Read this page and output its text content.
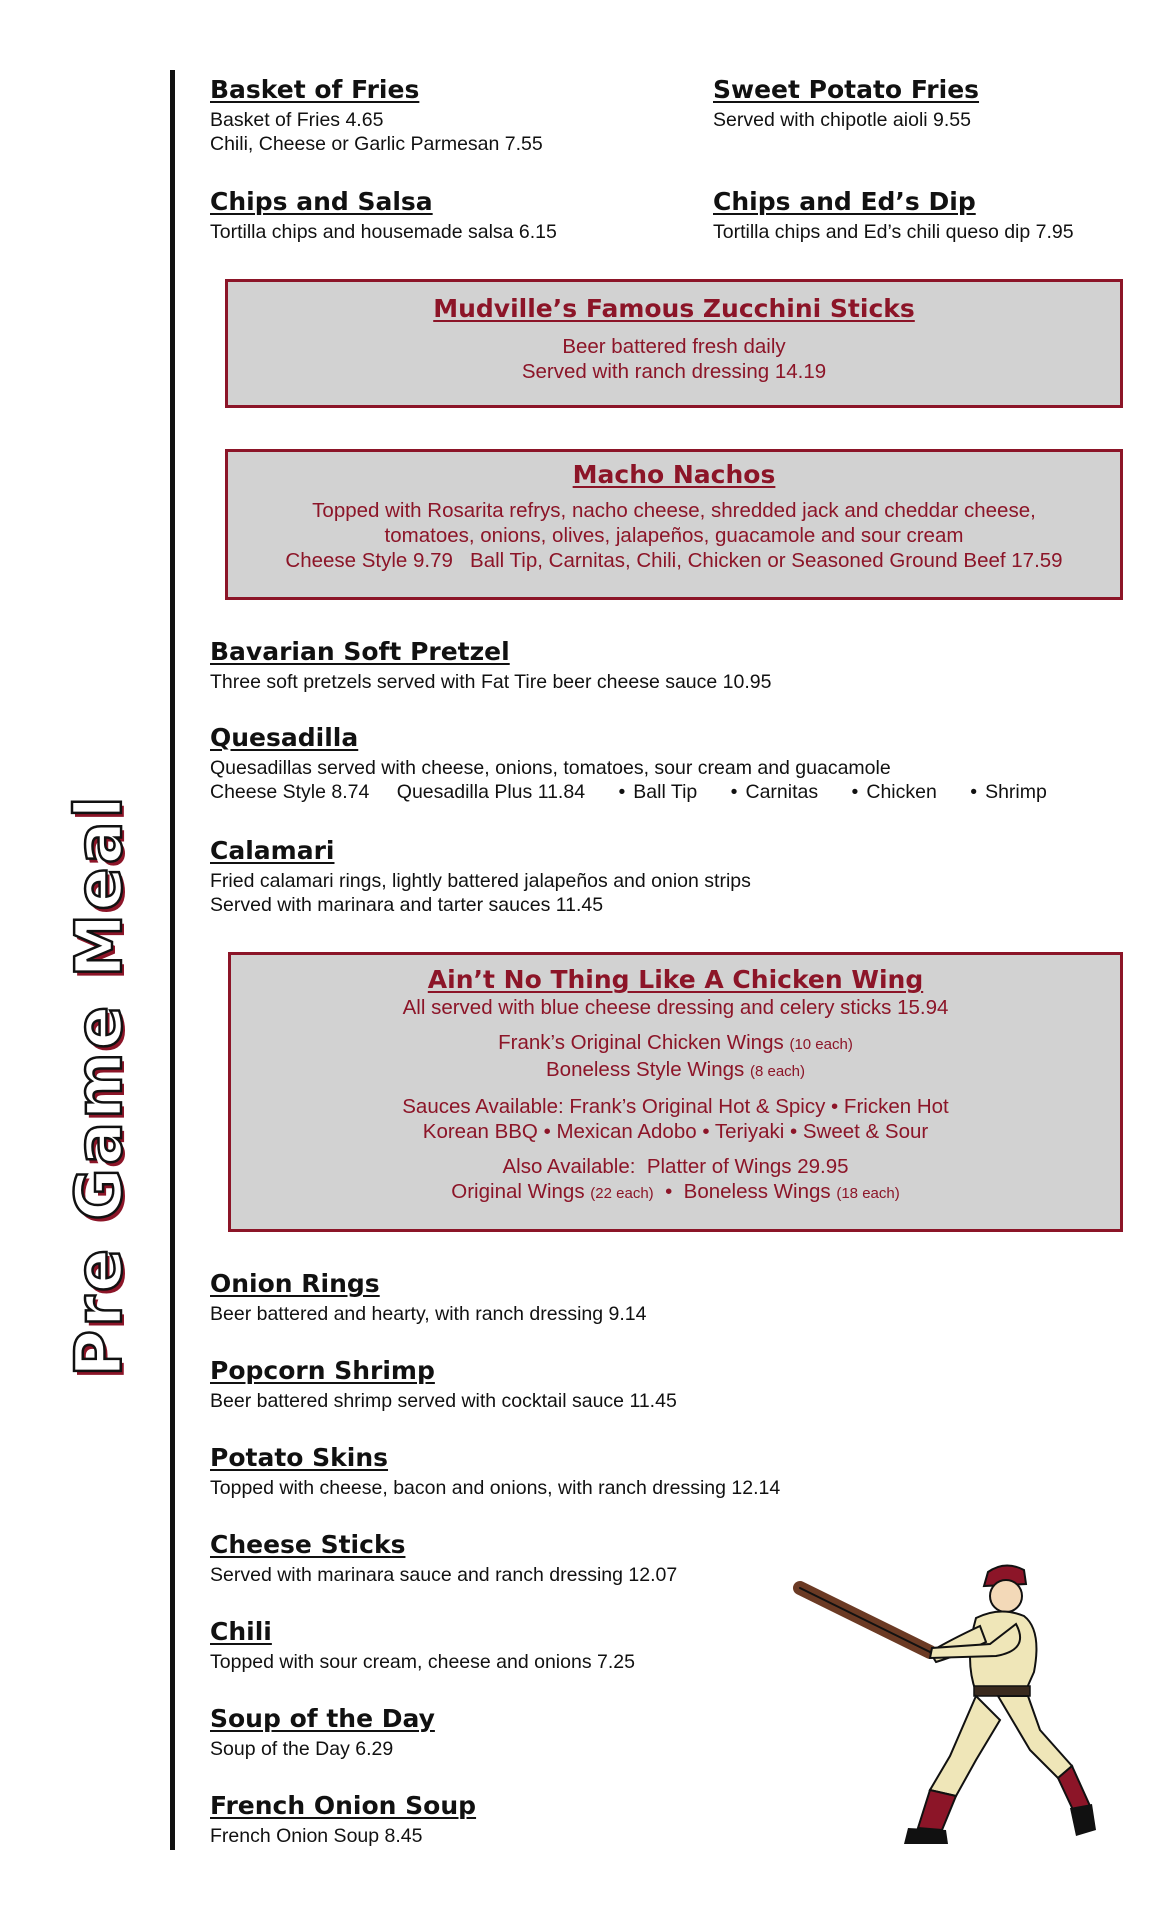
Pre Game Meal
Basket of Fries

Basket of Fries 4.65

Chili, Cheese or Garlic Parmesan 7.55

Sweet Potato Fries

Served with chipotle aioli 9.55

Chips and Salsa

Tortilla chips and housemade salsa 6.15

Chips and Ed’s Dip

Tortilla chips and Ed’s chili queso dip 7.95

Mudville’s Famous Zucchini Sticks

Beer battered fresh daily

Served with ranch dressing 14.19

Macho Nachos

Topped with Rosarita refrys, nacho cheese, shredded jack and cheddar cheese,

tomatoes, onions, olives, jalapeños, guacamole and sour cream

Cheese Style 9.79   Ball Tip, Carnitas, Chili, Chicken or Seasoned Ground Beef 17.59

Bavarian Soft Pretzel

Three soft pretzels served with Fat Tire beer cheese sauce 10.95

Quesadilla

Quesadillas served with cheese, onions, tomatoes, sour cream and guacamole

Cheese Style 8.74 Quesadilla Plus 11.84 • Ball Tip • Carnitas • Chicken • Shrimp

Calamari

Fried calamari rings, lightly battered jalapeños and onion strips

Served with marinara and tarter sauces 11.45

Ain’t No Thing Like A Chicken Wing

All served with blue cheese dressing and celery sticks 15.94

Frank’s Original Chicken Wings (10 each)

Boneless Style Wings (8 each)

Sauces Available: Frank’s Original Hot & Spicy • Fricken Hot

Korean BBQ • Mexican Adobo • Teriyaki • Sweet & Sour

Also Available:  Platter of Wings 29.95

Original Wings (22 each) • Boneless Wings (18 each)

Onion Rings

Beer battered and hearty, with ranch dressing 9.14

Popcorn Shrimp

Beer battered shrimp served with cocktail sauce 11.45

Potato Skins

Topped with cheese, bacon and onions, with ranch dressing 12.14

Cheese Sticks

Served with marinara sauce and ranch dressing 12.07

Chili

Topped with sour cream, cheese and onions 7.25

Soup of the Day

Soup of the Day 6.29

French Onion Soup

French Onion Soup 8.45
